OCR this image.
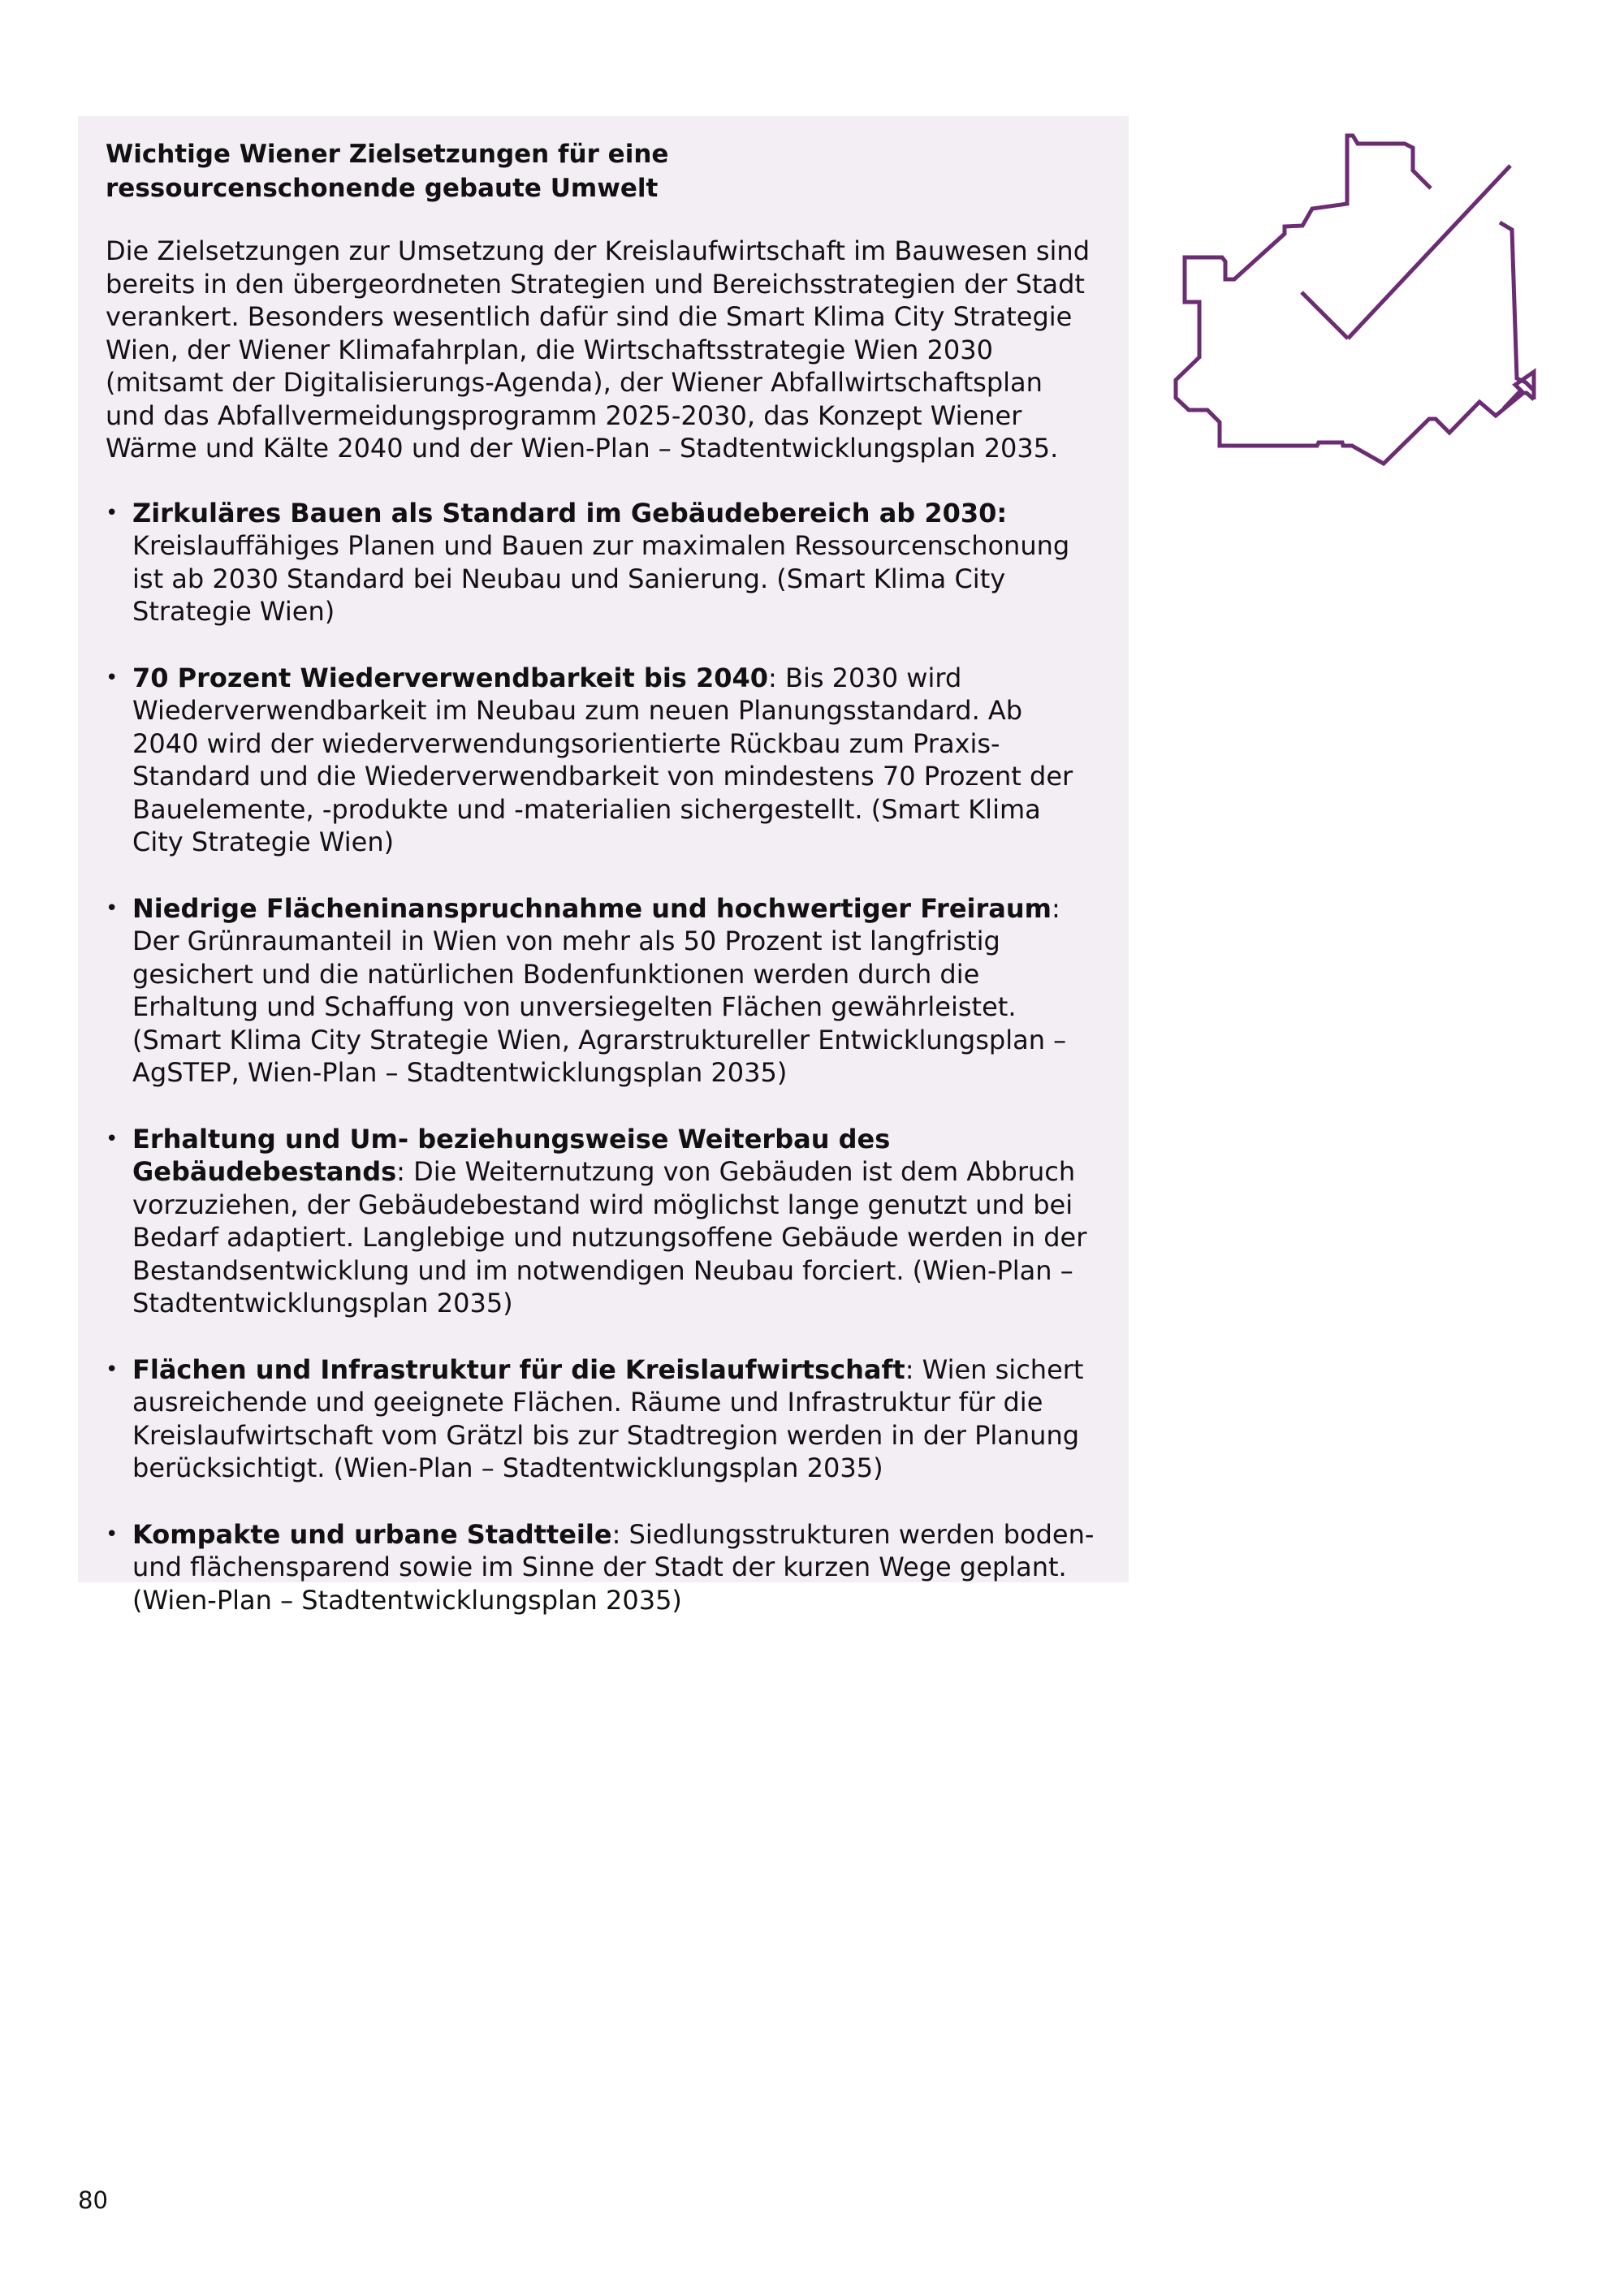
Wichtige Wiener Zielsetzungen für eine ressourcenschonende gebaute Umwelt

Die Zielsetzungen zur Umsetzung der Kreislaufwirtschaft im Bauwesen sind bereits in den übergeordneten Strategien und Bereichsstrategien der Stadt verankert. Besonders wesentlich dafür sind die Smart Klima City Strategie Wien, der Wiener Klimafahrplan, die Wirtschaftsstrategie Wien 2030 (mitsamt der Digitalisierungs-Agenda), der Wiener Abfallwirtschaftsplan und das Abfallvermeidungsprogramm 2025-2030, das Konzept Wiener Wärme und Kälte 2040 und der Wien-Plan – Stadtentwicklungsplan 2035.

• Zirkuläres Bauen als Standard im Gebäudebereich ab 2030: Kreislauffähiges Planen und Bauen zur maximalen Ressourcenschonung ist ab 2030 Standard bei Neubau und Sanierung. (Smart Klima City Strategie Wien)
• 70 Prozent Wiederverwendbarkeit bis 2040: Bis 2030 wird Wiederverwendbarkeit im Neubau zum neuen Planungsstandard. Ab 2040 wird der wiederverwendungsorientierte Rückbau zum Praxis-Standard und die Wiederverwendbarkeit von mindestens 70 Prozent der Bauelemente, -produkte und -materialien sichergestellt. (Smart Klima City Strategie Wien)
• Niedrige Flächeninanspruchnahme und hochwertiger Freiraum: Der Grünraumanteil in Wien von mehr als 50 Prozent ist langfristig gesichert und die natürlichen Bodenfunktionen werden durch die Erhaltung und Schaffung von unversiegelten Flächen gewährleistet. (Smart Klima City Strategie Wien, Agrarstruktureller Entwicklungsplan – AgSTEP, Wien-Plan – Stadtentwicklungsplan 2035)
• Erhaltung und Um- beziehungsweise Weiterbau des Gebäudebestands: Die Weiternutzung von Gebäuden ist dem Abbruch vorzuziehen, der Gebäudebestand wird möglichst lange genutzt und bei Bedarf adaptiert. Langlebige und nutzungsoffene Gebäude werden in der Bestandsentwicklung und im notwendigen Neubau forciert. (Wien-Plan – Stadtentwicklungsplan 2035)
• Flächen und Infrastruktur für die Kreislaufwirtschaft: Wien sichert ausreichende und geeignete Flächen. Räume und Infrastruktur für die Kreislaufwirtschaft vom Grätzl bis zur Stadtregion werden in der Planung berücksichtigt. (Wien-Plan – Stadtentwicklungsplan 2035)
• Kompakte und urbane Stadtteile: Siedlungsstrukturen werden boden- und flächensparend sowie im Sinne der Stadt der kurzen Wege geplant. (Wien-Plan – Stadtentwicklungsplan 2035)
80
